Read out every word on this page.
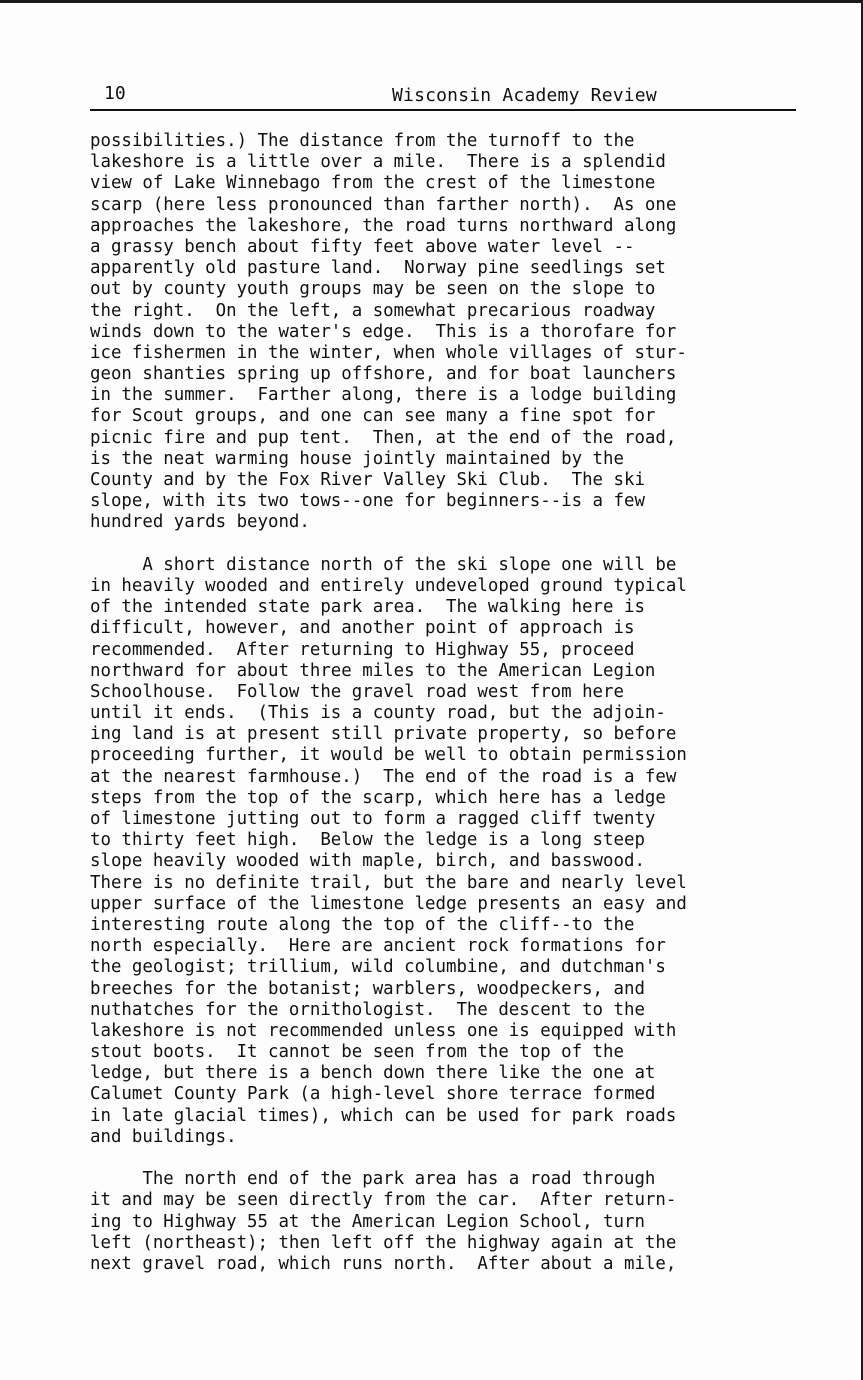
10	Wisconsin Academy Review
possibilities.) The distance from the turnoff to the
lakeshore is a little over a mile.  There is a splendid
view of Lake Winnebago from the crest of the limestone
scarp (here less pronounced than farther north).  As one
approaches the lakeshore, the road turns northward along
a grassy bench about fifty feet above water level --
apparently old pasture land.  Norway pine seedlings set
out by county youth groups may be seen on the slope to
the right.  On the left, a somewhat precarious roadway
winds down to the water's edge.  This is a thorofare for
ice fishermen in the winter, when whole villages of stur-
geon shanties spring up offshore, and for boat launchers
in the summer.  Farther along, there is a lodge building
for Scout groups, and one can see many a fine spot for
picnic fire and pup tent.  Then, at the end of the road,
is the neat warming house jointly maintained by the
County and by the Fox River Valley Ski Club.  The ski
slope, with its two tows--one for beginners--is a few
hundred yards beyond.
A short distance north of the ski slope one will be
in heavily wooded and entirely undeveloped ground typical
of the intended state park area.  The walking here is
difficult, however, and another point of approach is
recommended.  After returning to Highway 55, proceed
northward for about three miles to the American Legion
Schoolhouse.  Follow the gravel road west from here
until it ends.  (This is a county road, but the adjoin-
ing land is at present still private property, so before
proceeding further, it would be well to obtain permission
at the nearest farmhouse.)  The end of the road is a few
steps from the top of the scarp, which here has a ledge
of limestone jutting out to form a ragged cliff twenty
to thirty feet high.  Below the ledge is a long steep
slope heavily wooded with maple, birch, and basswood.
There is no definite trail, but the bare and nearly level
upper surface of the limestone ledge presents an easy and
interesting route along the top of the cliff--to the
north especially.  Here are ancient rock formations for
the geologist; trillium, wild columbine, and dutchman's
breeches for the botanist; warblers, woodpeckers, and
nuthatches for the ornithologist.  The descent to the
lakeshore is not recommended unless one is equipped with
stout boots.  It cannot be seen from the top of the
ledge, but there is a bench down there like the one at
Calumet County Park (a high-level shore terrace formed
in late glacial times), which can be used for park roads
and buildings.
The north end of the park area has a road through
it and may be seen directly from the car.  After return-
ing to Highway 55 at the American Legion School, turn
left (northeast); then left off the highway again at the
next gravel road, which runs north.  After about a mile,
